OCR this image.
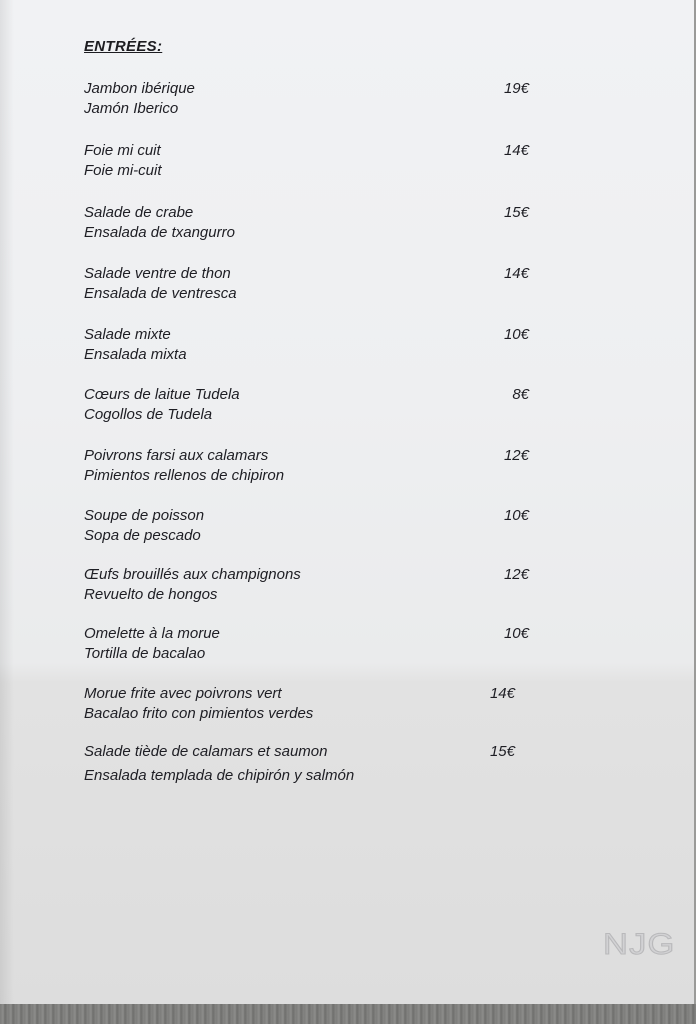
ENTRÉES:
Jambon ibérique
Jamón Iberico
19€
Foie mi cuit
Foie mi-cuit
14€
Salade de crabe
Ensalada de txangurro
15€
Salade ventre de thon
Ensalada de ventresca
14€
Salade mixte
Ensalada mixta
10€
Cœurs de laitue Tudela
Cogollos de Tudela
8€
Poivrons farsi aux calamars
Pimientos rellenos de chipiron
12€
Soupe de poisson
Sopa de pescado
10€
Œufs brouillés aux champignons
Revuelto de hongos
12€
Omelette à la morue
Tortilla de bacalao
10€
Morue frite avec poivrons vert
Bacalao frito con pimientos verdes
14€
Salade tiède de calamars et saumon
Ensalada templada de chipirón y salmón
15€
NJG
